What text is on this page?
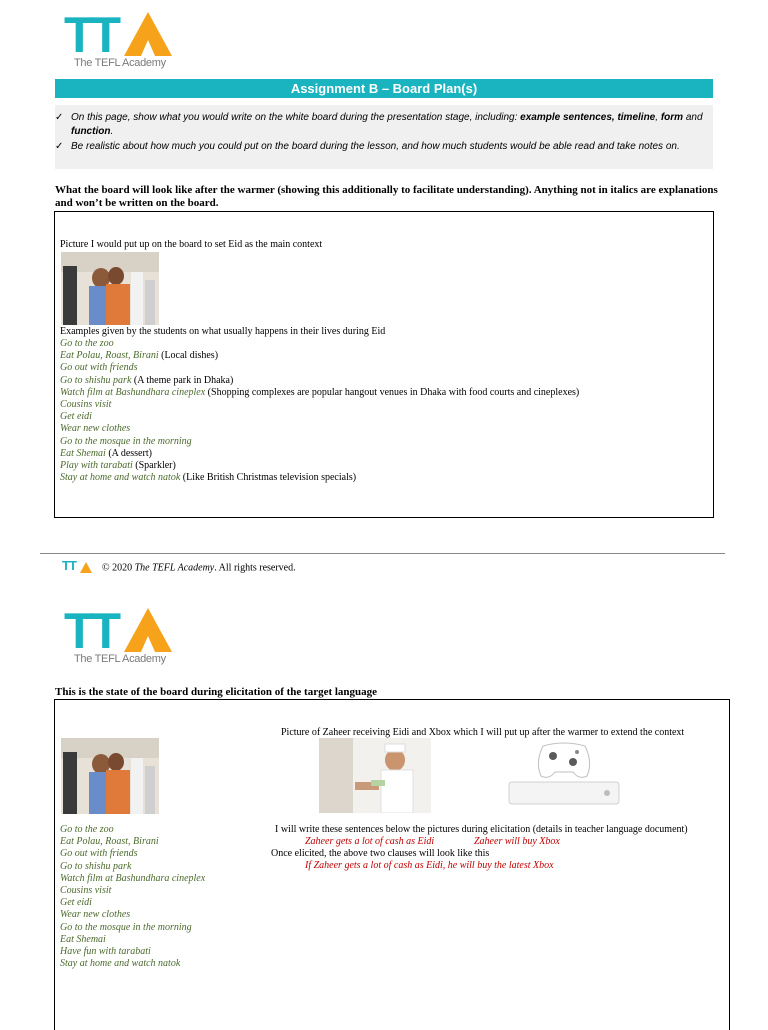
TT
The TEFL Academy
Assignment B – Board Plan(s)
✓ On this page, show what you would write on the white board during the presentation stage, including: example sentences, timeline, form and function.
✓ Be realistic about how much you could put on the board during the lesson, and how much students would be able read and take notes on.
What the board will look like after the warmer (showing this additionally to facilitate understanding). Anything not in italics are explanations and won’t be written on the board.
Picture I would put up on the board to set Eid as the main context
Examples given by the students on what usually happens in their lives during Eid
Go to the zoo
Eat Polau, Roast, Birani (Local dishes)
Go out with friends
Go to shishu park (A theme park in Dhaka)
Watch film at Bashundhara cineplex (Shopping complexes are popular hangout venues in Dhaka with food courts and cineplexes)
Cousins visit
Get eidi
Wear new clothes
Go to the mosque in the morning
Eat Shemai (A dessert)
Play with tarabati (Sparkler)
Stay at home and watch natok (Like British Christmas television specials)
TT	© 2020 The TEFL Academy. All rights reserved.
TT
The TEFL Academy
This is the state of the board during elicitation of the target language
Picture of Zaheer receiving Eidi and Xbox which I will put up after the warmer to extend the context
Go to the zoo
Eat Polau, Roast, Birani
Go out with friends
Go to shishu park
Watch film at Bashundhara cineplex
Cousins visit
Get eidi
Wear new clothes
Go to the mosque in the morning
Eat Shemai
Have fun with tarabati
Stay at home and watch natok
I will write these sentences below the pictures during elicitation (details in teacher language document)
Zaheer gets a lot of cash as Eidi	Zaheer will buy Xbox
Once elicited, the above two clauses will look like this
If Zaheer gets a lot of cash as Eidi, he will buy the latest Xbox
